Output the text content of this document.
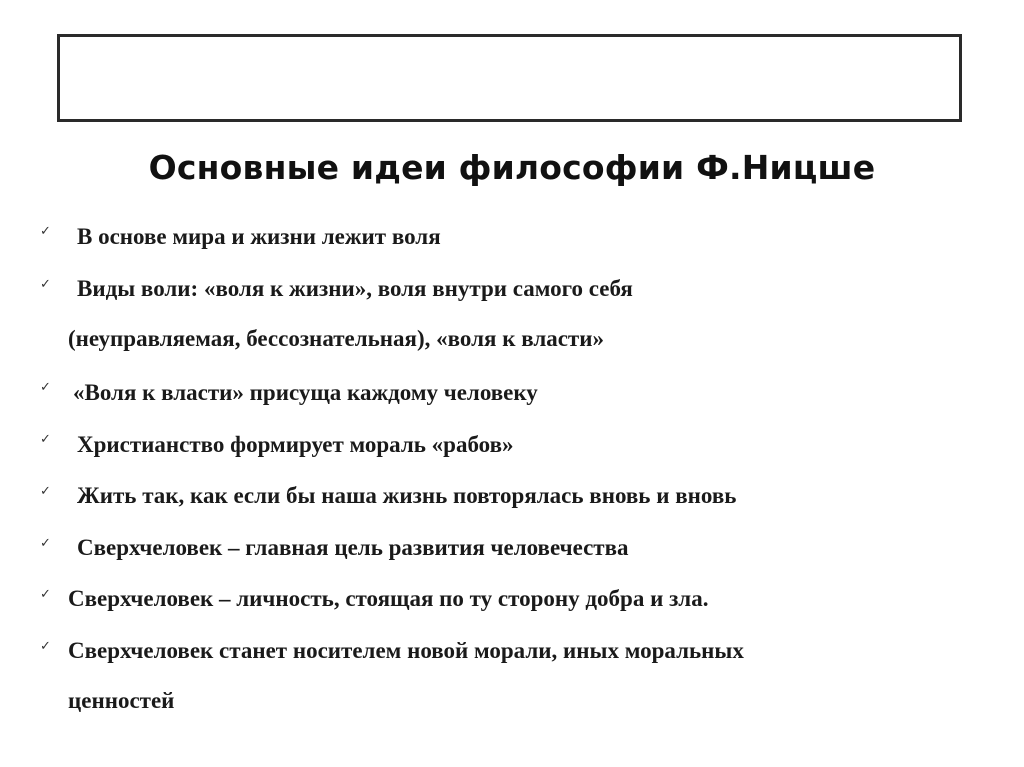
Основные идеи философии Ф.Ницше
✓ В основе мира и жизни лежит воля
✓ Виды воли: «воля к жизни», воля внутри самого себя
(неуправляемая, бессознательная), «воля к власти»
✓ «Воля к власти» присуща каждому человеку
✓ Христианство формирует мораль «рабов»
✓ Жить так, как если бы наша жизнь повторялась вновь и вновь
✓ Сверхчеловек – главная цель развития человечества
✓ Сверхчеловек – личность, стоящая по ту сторону добра и зла.
✓ Сверхчеловек станет носителем новой морали, иных моральных
ценностей
